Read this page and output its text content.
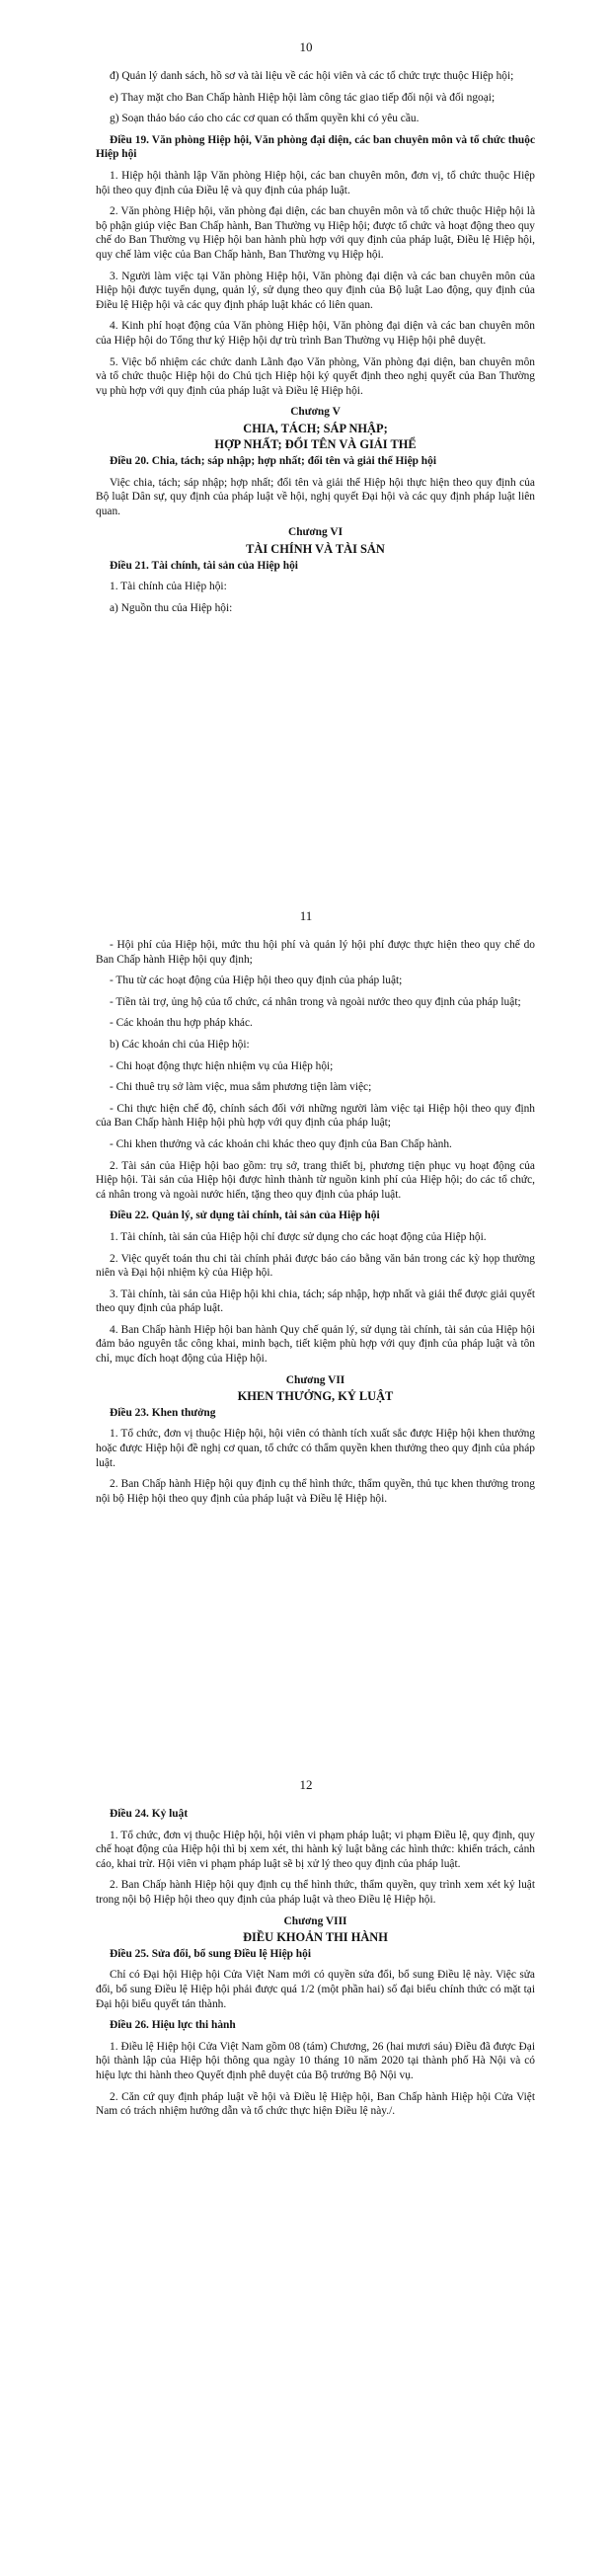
10

đ) Quản lý danh sách, hồ sơ và tài liệu về các hội viên và các tổ chức trực thuộc Hiệp hội;

e) Thay mặt cho Ban Chấp hành Hiệp hội làm công tác giao tiếp đối nội và đối ngoại;

g) Soạn thảo báo cáo cho các cơ quan có thẩm quyền khi có yêu cầu.

Điều 19. Văn phòng Hiệp hội, Văn phòng đại diện, các ban chuyên môn và tổ chức thuộc Hiệp hội

1. Hiệp hội thành lập Văn phòng Hiệp hội, các ban chuyên môn, đơn vị, tổ chức thuộc Hiệp hội theo quy định của Điều lệ và quy định của pháp luật.

2. Văn phòng Hiệp hội, văn phòng đại diện, các ban chuyên môn và tổ chức thuộc Hiệp hội là bộ phận giúp việc Ban Chấp hành, Ban Thường vụ Hiệp hội; được tổ chức và hoạt động theo quy chế do Ban Thường vụ Hiệp hội ban hành phù hợp với quy định của pháp luật, Điều lệ Hiệp hội, quy chế làm việc của Ban Chấp hành, Ban Thường vụ Hiệp hội.

3. Người làm việc tại Văn phòng Hiệp hội, Văn phòng đại diện và các ban chuyên môn của Hiệp hội được tuyển dụng, quản lý, sử dụng theo quy định của Bộ luật Lao động, quy định của Điều lệ Hiệp hội và các quy định pháp luật khác có liên quan.

4. Kinh phí hoạt động của Văn phòng Hiệp hội, Văn phòng đại diện và các ban chuyên môn của Hiệp hội do Tổng thư ký Hiệp hội dự trù trình Ban Thường vụ Hiệp hội phê duyệt.

5. Việc bổ nhiệm các chức danh Lãnh đạo Văn phòng, Văn phòng đại diện, ban chuyên môn và tổ chức thuộc Hiệp hội do Chủ tịch Hiệp hội ký quyết định theo nghị quyết của Ban Thường vụ phù hợp với quy định của pháp luật và Điều lệ Hiệp hội.

Chương V

CHIA, TÁCH; SÁP NHẬP;

HỢP NHẤT; ĐỔI TÊN VÀ GIẢI THỂ

Điều 20. Chia, tách; sáp nhập; hợp nhất; đổi tên và giải thể Hiệp hội

Việc chia, tách; sáp nhập; hợp nhất; đổi tên và giải thể Hiệp hội thực hiện theo quy định của Bộ luật Dân sự, quy định của pháp luật về hội, nghị quyết Đại hội và các quy định pháp luật liên quan.

Chương VI

TÀI CHÍNH VÀ TÀI SẢN

Điều 21. Tài chính, tài sản của Hiệp hội

1. Tài chính của Hiệp hội:

a) Nguồn thu của Hiệp hội:

11

- Hội phí của Hiệp hội, mức thu hội phí và quản lý hội phí được thực hiện theo quy chế do Ban Chấp hành Hiệp hội quy định;

- Thu từ các hoạt động của Hiệp hội theo quy định của pháp luật;

- Tiền tài trợ, ủng hộ của tổ chức, cá nhân trong và ngoài nước theo quy định của pháp luật;

- Các khoản thu hợp pháp khác.

b) Các khoản chi của Hiệp hội:

- Chi hoạt động thực hiện nhiệm vụ của Hiệp hội;

- Chi thuê trụ sở làm việc, mua sắm phương tiện làm việc;

- Chi thực hiện chế độ, chính sách đối với những người làm việc tại Hiệp hội theo quy định của Ban Chấp hành Hiệp hội phù hợp với quy định của pháp luật;

- Chi khen thưởng và các khoản chi khác theo quy định của Ban Chấp hành.

2. Tài sản của Hiệp hội bao gồm: trụ sở, trang thiết bị, phương tiện phục vụ hoạt động của Hiệp hội. Tài sản của Hiệp hội được hình thành từ nguồn kinh phí của Hiệp hội; do các tổ chức, cá nhân trong và ngoài nước hiến, tặng theo quy định của pháp luật.

Điều 22. Quản lý, sử dụng tài chính, tài sản của Hiệp hội

1. Tài chính, tài sản của Hiệp hội chỉ được sử dụng cho các hoạt động của Hiệp hội.

2. Việc quyết toán thu chi tài chính phải được báo cáo bằng văn bản trong các kỳ họp thường niên và Đại hội nhiệm kỳ của Hiệp hội.

3. Tài chính, tài sản của Hiệp hội khi chia, tách; sáp nhập, hợp nhất và giải thể được giải quyết theo quy định của pháp luật.

4. Ban Chấp hành Hiệp hội ban hành Quy chế quản lý, sử dụng tài chính, tài sản của Hiệp hội đảm bảo nguyên tắc công khai, minh bạch, tiết kiệm phù hợp với quy định của pháp luật và tôn chỉ, mục đích hoạt động của Hiệp hội.

Chương VII

KHEN THƯỞNG, KỶ LUẬT

Điều 23. Khen thưởng

1. Tổ chức, đơn vị thuộc Hiệp hội, hội viên có thành tích xuất sắc được Hiệp hội khen thưởng hoặc được Hiệp hội đề nghị cơ quan, tổ chức có thẩm quyền khen thưởng theo quy định của pháp luật.

2. Ban Chấp hành Hiệp hội quy định cụ thể hình thức, thẩm quyền, thủ tục khen thưởng trong nội bộ Hiệp hội theo quy định của pháp luật và Điều lệ Hiệp hội.

12

Điều 24. Kỷ luật

1. Tổ chức, đơn vị thuộc Hiệp hội, hội viên vi phạm pháp luật; vi phạm Điều lệ, quy định, quy chế hoạt động của Hiệp hội thì bị xem xét, thi hành kỷ luật bằng các hình thức: khiển trách, cảnh cáo, khai trừ. Hội viên vi phạm pháp luật sẽ bị xử lý theo quy định của pháp luật.

2. Ban Chấp hành Hiệp hội quy định cụ thể hình thức, thẩm quyền, quy trình xem xét kỷ luật trong nội bộ Hiệp hội theo quy định của pháp luật và theo Điều lệ Hiệp hội.

Chương VIII

ĐIỀU KHOẢN THI HÀNH

Điều 25. Sửa đổi, bổ sung Điều lệ Hiệp hội

Chỉ có Đại hội Hiệp hội Cửa Việt Nam mới có quyền sửa đổi, bổ sung Điều lệ này. Việc sửa đổi, bổ sung Điều lệ Hiệp hội phải được quá 1/2 (một phần hai) số đại biểu chính thức có mặt tại Đại hội biểu quyết tán thành.

Điều 26. Hiệu lực thi hành

1. Điều lệ Hiệp hội Cửa Việt Nam gồm 08 (tám) Chương, 26 (hai mươi sáu) Điều đã được Đại hội thành lập của Hiệp hội thông qua ngày 10 tháng 10 năm 2020 tại thành phố Hà Nội và có hiệu lực thi hành theo Quyết định phê duyệt của Bộ trưởng Bộ Nội vụ.

2. Căn cứ quy định pháp luật về hội và Điều lệ Hiệp hội, Ban Chấp hành Hiệp hội Cửa Việt Nam có trách nhiệm hướng dẫn và tổ chức thực hiện Điều lệ này./.
